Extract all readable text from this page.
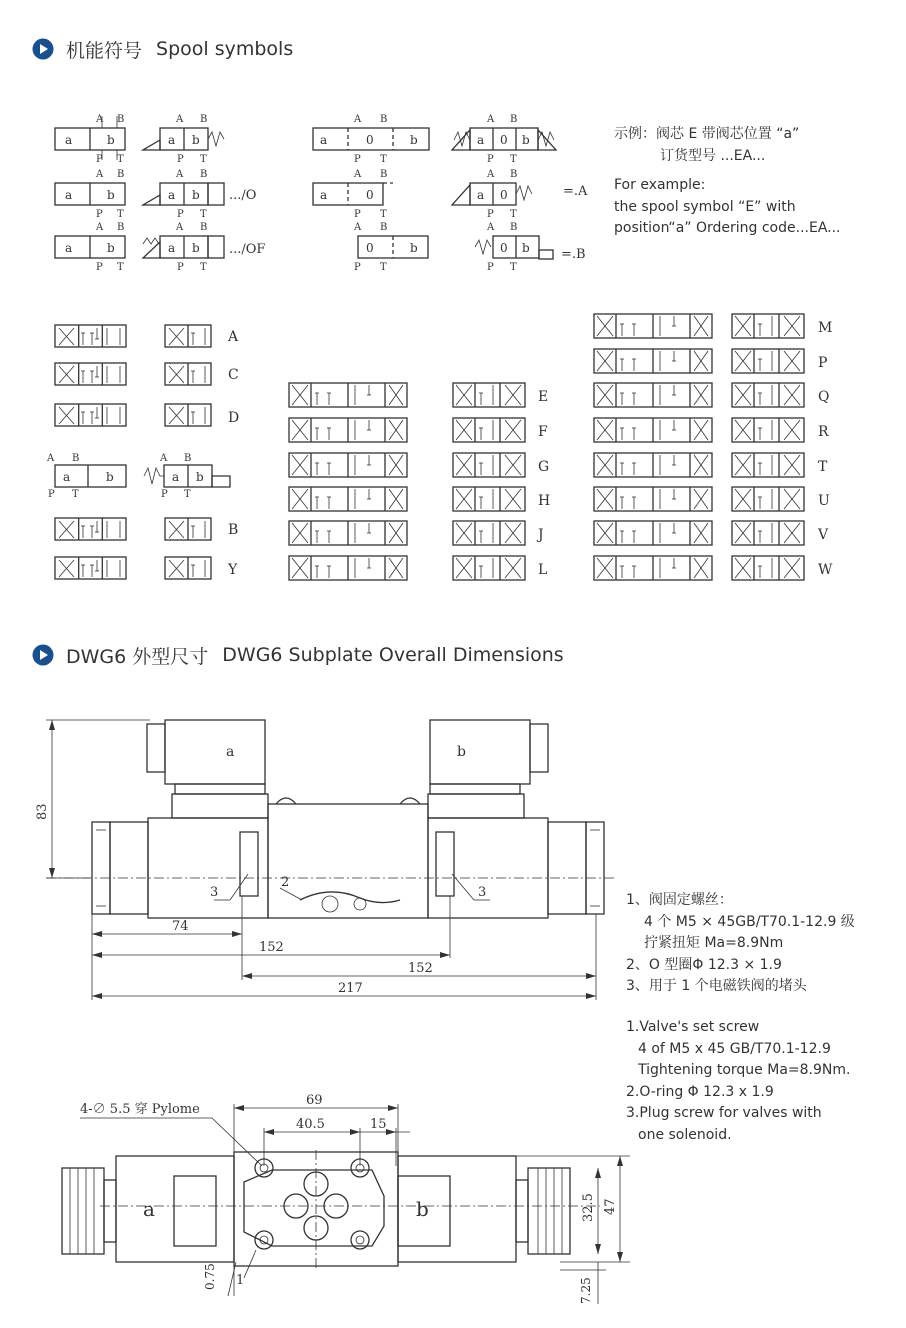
机能符号 Spool symbols
a	b
A B
P T
a b
A B
P T
a	0	b
A B
P T
a 0 b
A B
P T
a	b
A B
P T
a b
A B
P T
.../O	a	0
A B
P T
a 0
A B
P T
=.A
a	b
A B
P T
a b
A B
P T
.../OF	0	b
A B
P T
0 b
A B
P T
=.B
A
C
D
a	b
A B
P T
a b
A B
P T
B
Y
E
F
G
H
J
L
M
P
Q
R
T
U
V
W

示例：阀芯 E 带阀芯位置 “a”

订货型号 ...EA...

For example:

the spool symbol “E” with

position“a” Ordering code...EA...

DWG6 外型尺寸 DWG6 Subplate Overall Dimensions
83
a	b
3
2
3
74
152
152
217
69
40.5	15
4-∅ 5.5 穿 Pylome
a	b
0.75 1
32.5 47
7.25

1、阀固定螺丝：

4 个 M5 × 45GB/T70.1-12.9 级

拧紧扭矩 Ma=8.9Nm

2、O 型圈Φ 12.3 × 1.9

3、用于 1 个电磁铁阀的堵头

1.Valve's set screw

4 of M5 x 45 GB/T70.1-12.9

Tightening torque Ma=8.9Nm.

2.O-ring Φ 12.3 x 1.9

3.Plug screw for valves with

one solenoid.
